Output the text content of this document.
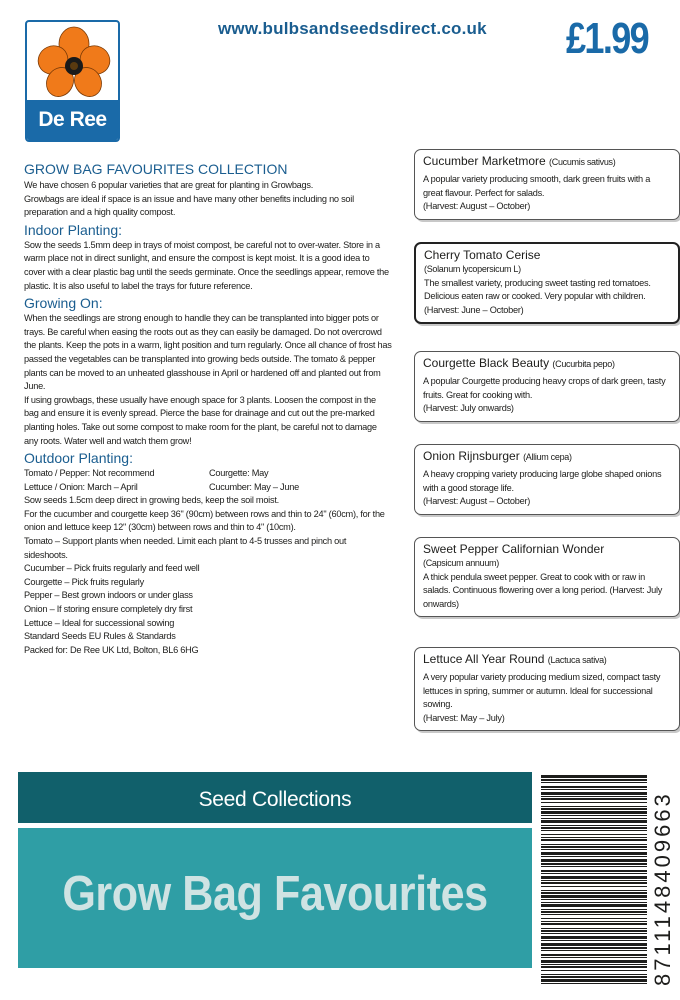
De Ree
www.bulbsandseedsdirect.co.uk £1.99
GROW BAG FAVOURITES COLLECTION

We have chosen 6 popular varieties that are great for planting in Growbags.

Growbags are ideal if space is an issue and have many other benefits including no soil preparation and a high quality compost.

Indoor Planting:

Sow the seeds 1.5mm deep in trays of moist compost, be careful not to over-water. Store in a warm place not in direct sunlight, and ensure the compost is kept moist. It is a good idea to cover with a clear plastic bag until the seeds germinate. Once the seedlings appear, remove the plastic. It is also useful to label the trays for future reference.

Growing On:

When the seedlings are strong enough to handle they can be transplanted into bigger pots or trays. Be careful when easing the roots out as they can easily be damaged. Do not overcrowd the plants. Keep the pots in a warm, light position and turn regularly. Once all chance of frost has passed the vegetables can be transplanted into growing beds outside. The tomato & pepper plants can be moved to an unheated glasshouse in April or hardened off and planted out from June.

If using growbags, these usually have enough space for 3 plants. Loosen the compost in the bag and ensure it is evenly spread. Pierce the base for drainage and cut out the pre-marked planting holes. Take out some compost to make room for the plant, be careful not to damage any roots. Water well and watch them grow!

Outdoor Planting:
Tomato / Pepper: Not recommend	Courgette: May
Lettuce / Onion: March – April	Cucumber: May – June

Sow seeds 1.5cm deep direct in growing beds, keep the soil moist.

For the cucumber and courgette keep 36" (90cm) between rows and thin to 24" (60cm), for the onion and lettuce keep 12" (30cm) between rows and thin to 4" (10cm).

Tomato – Support plants when needed. Limit each plant to 4-5 trusses and pinch out sideshoots.

Cucumber – Pick fruits regularly and feed well

Courgette – Pick fruits regularly

Pepper – Best grown indoors or under glass

Onion – If storing ensure completely dry first

Lettuce – Ideal for successional sowing

Standard Seeds EU Rules & Standards

Packed for: De Ree UK Ltd, Bolton, BL6 6HG

Cucumber Marketmore (Cucumis sativus)
A popular variety producing smooth, dark green fruits with a great flavour. Perfect for salads.
(Harvest: August – October)
Cherry Tomato Cerise
(Solanum lycopersicum L)
The smallest variety, producing sweet tasting red tomatoes. Delicious eaten raw or cooked. Very popular with children. (Harvest: June – October)
Courgette Black Beauty (Cucurbita pepo)
A popular Courgette producing heavy crops of dark green, tasty fruits. Great for cooking with.
(Harvest: July onwards)
Onion Rijnsburger (Allium cepa)
A heavy cropping variety producing large globe shaped onions with a good storage life.
(Harvest: August – October)
Sweet Pepper Californian Wonder
(Capsicum annuum)
A thick pendula sweet pepper. Great to cook with or raw in salads. Continuous flowering over a long period. (Harvest: July onwards)
Lettuce All Year Round (Lactuca sativa)
A very popular variety producing medium sized, compact tasty lettuces in spring, summer or autumn. Ideal for successional sowing.
(Harvest: May – July)
Seed Collections
Grow Bag Favourites	8711148409663
